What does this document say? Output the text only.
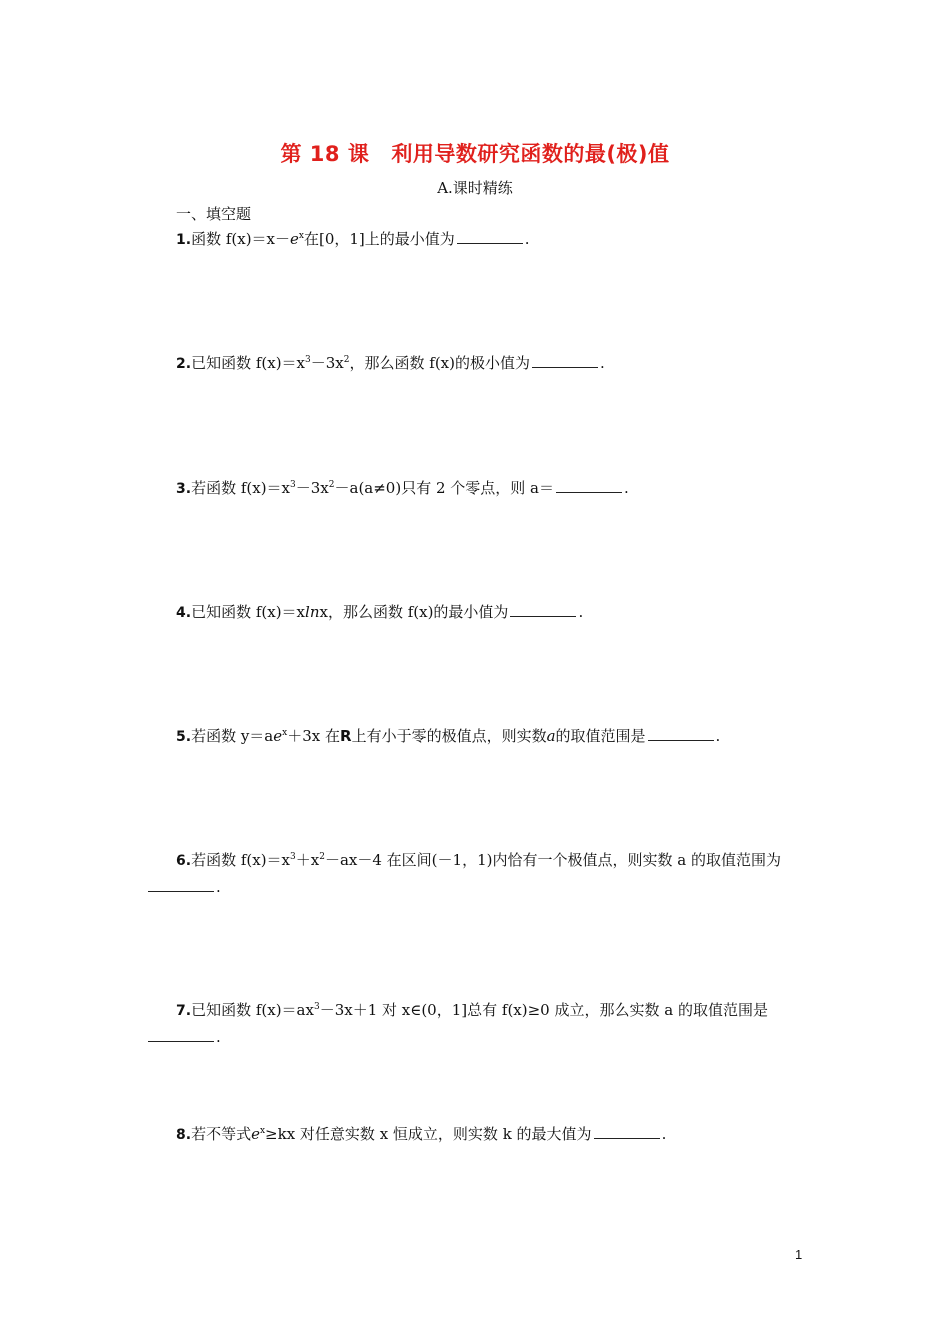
第 18 课 利用导数研究函数的最(极)值
A.课时精练
一、填空题
1.函数 $f(x)=x-e^x$在[0，1]上的最小值为	.
2.已知函数 $f(x)=x^3-3x^2$，那么函数 f(x)的极小值为	.
3.若函数 $f(x)=x^3-3x^2-a(a\ne 0)$只有 2 个零点，则 a＝	.
4.已知函数 f(x)＝xlnx，那么函数 f(x)的最小值为	.
5.若函数 $y=ae^x+3x$ 在R上有小于零的极值点，则实数a的取值范围是	.
6.若函数 $f(x)=x^3+x^2-ax-4$ 在区间(－1，1)内恰有一个极值点，则实数 a 的取值范围为.
7.已知函数 $f(x)=ax^3-3x+1$ 对 x∈(0，1]总有 f(x)≥0 成立，那么实数 a 的取值范围是.
8.若不等式$e^x\ge kx$ 对任意实数 x 恒成立，则实数 k 的最大值为	.
1
